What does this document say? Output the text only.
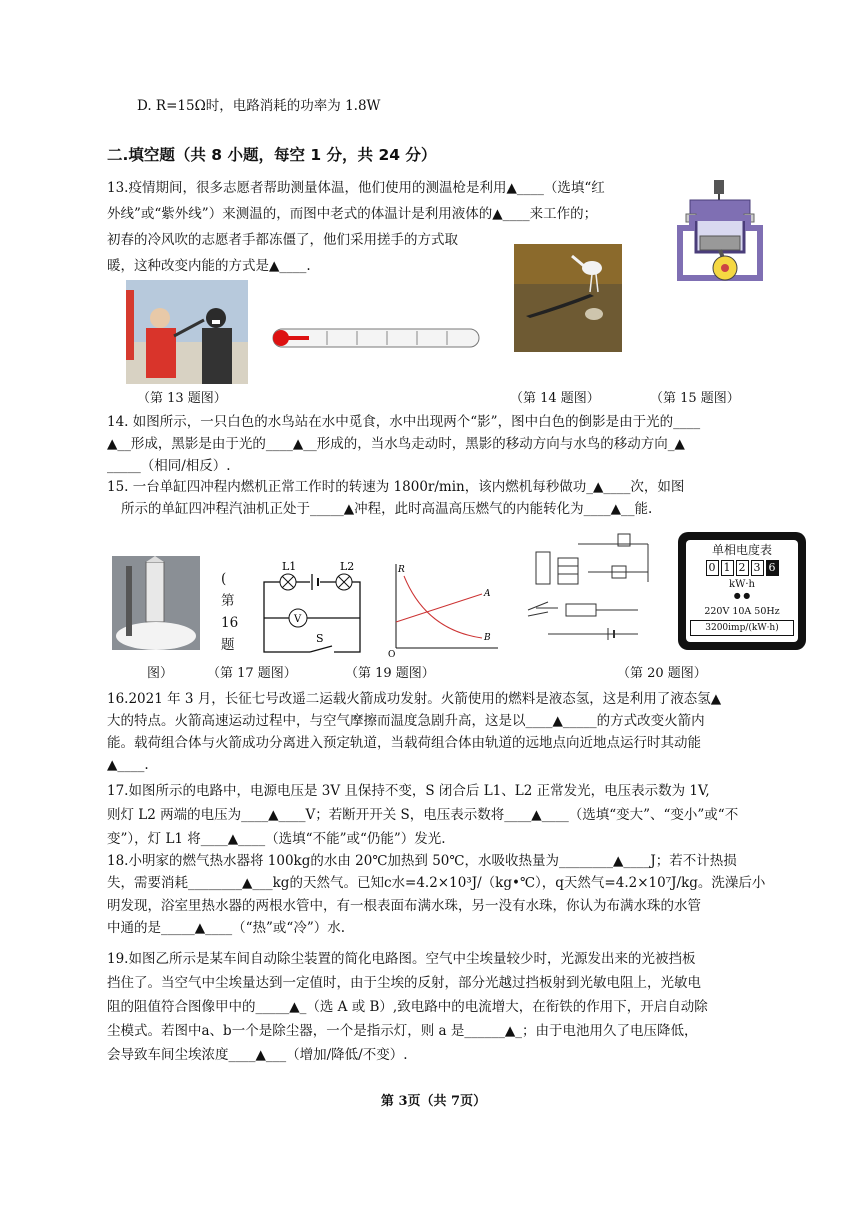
D. R=15Ω时，电路消耗的功率为 1.8W
二.填空题（共 8 小题，每空 1 分，共 24 分）
13.疫情期间，很多志愿者帮助测量体温，他们使用的测温枪是利用▲____（选填“红
外线”或“紫外线”）来测温的，而图中老式的体温计是利用液体的▲____来工作的；
初春的冷风吹的志愿者手都冻僵了，他们采用搓手的方式取
暖，这种改变内能的方式是▲____.
（第 13 题图）	（第 14 题图）	（第 15 题图）
14. 如图所示，一只白色的水鸟站在水中觅食，水中出现两个“影”，图中白色的倒影是由于光的____
▲__形成，黑影是由于光的____▲__形成的，当水鸟走动时，黑影的移动方向与水鸟的移动方向_▲
_____（相同/相反）.
15. 一台单缸四冲程内燃机正常工作时的转速为 1800r/min，该内燃机每秒做功_▲____次，如图
所示的单缸四冲程汽油机正处于_____▲冲程，此时高温高压燃气的内能转化为____▲__能.
(
第
16
题
L1	L2
V
S
R
A
B
O
单相电度表
0 1 2 3 6
kW·h
● ●
220V 10A 50Hz
3200imp/(kW·h)
图）	（第 17 题图）	（第 19 题图）	（第 20 题图）
16.2021 年 3 月，长征七号改遥二运载火箭成功发射。火箭使用的燃料是液态氢，这是利用了液态氢▲
大的特点。火箭高速运动过程中，与空气摩擦而温度急剧升高，这是以____▲_____的方式改变火箭内
能。载荷组合体与火箭成功分离进入预定轨道，当载荷组合体由轨道的远地点向近地点运行时其动能
▲____.
17.如图所示的电路中，电源电压是 3V 且保持不变，S 闭合后 L1、L2 正常发光，电压表示数为 1V,
则灯 L2 两端的电压为____▲____V；若断开开关 S，电压表示数将____▲____（选填“变大”、“变小”或“不
变”），灯 L1 将____▲____（选填“不能”或“仍能”）发光.
18.小明家的燃气热水器将 100kg的水由 20℃加热到 50℃，水吸收热量为________▲____J；若不计热损
失，需要消耗________▲___kg的天然气。已知c水=4.2×10³J/（kg•℃），q天然气=4.2×10⁷J/kg。洗澡后小
明发现，浴室里热水器的两根水管中，有一根表面布满水珠，另一没有水珠，你认为布满水珠的水管
中通的是_____▲____（“热”或“冷”）水.
19.如图乙所示是某车间自动除尘装置的简化电路图。空气中尘埃量较少时，光源发出来的光被挡板
挡住了。当空气中尘埃量达到一定值时，由于尘埃的反射，部分光越过挡板射到光敏电阻上，光敏电
阻的阻值符合图像甲中的_____▲_（选 A 或 B）,致电路中的电流增大，在衔铁的作用下，开启自动除
尘模式。若图中a、b一个是除尘器，一个是指示灯，则 a 是______▲_；由于电池用久了电压降低，
会导致车间尘埃浓度____▲___（增加/降低/不变）.
第 3页（共 7页）
